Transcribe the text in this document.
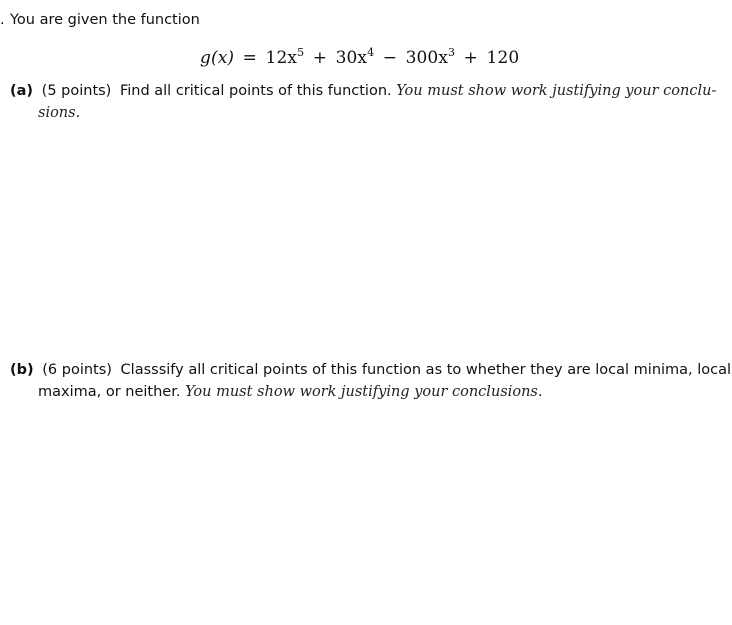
. You are given the function
$g(x) = 12x^5 + 30x^4 - 300x^3 + 120$
(a) (5 points) Find all critical points of this function. You must show work justifying your conclu-
sions.
(b) (6 points) Classsify all critical points of this function as to whether they are local minima, local
maxima, or neither. You must show work justifying your conclusions.
